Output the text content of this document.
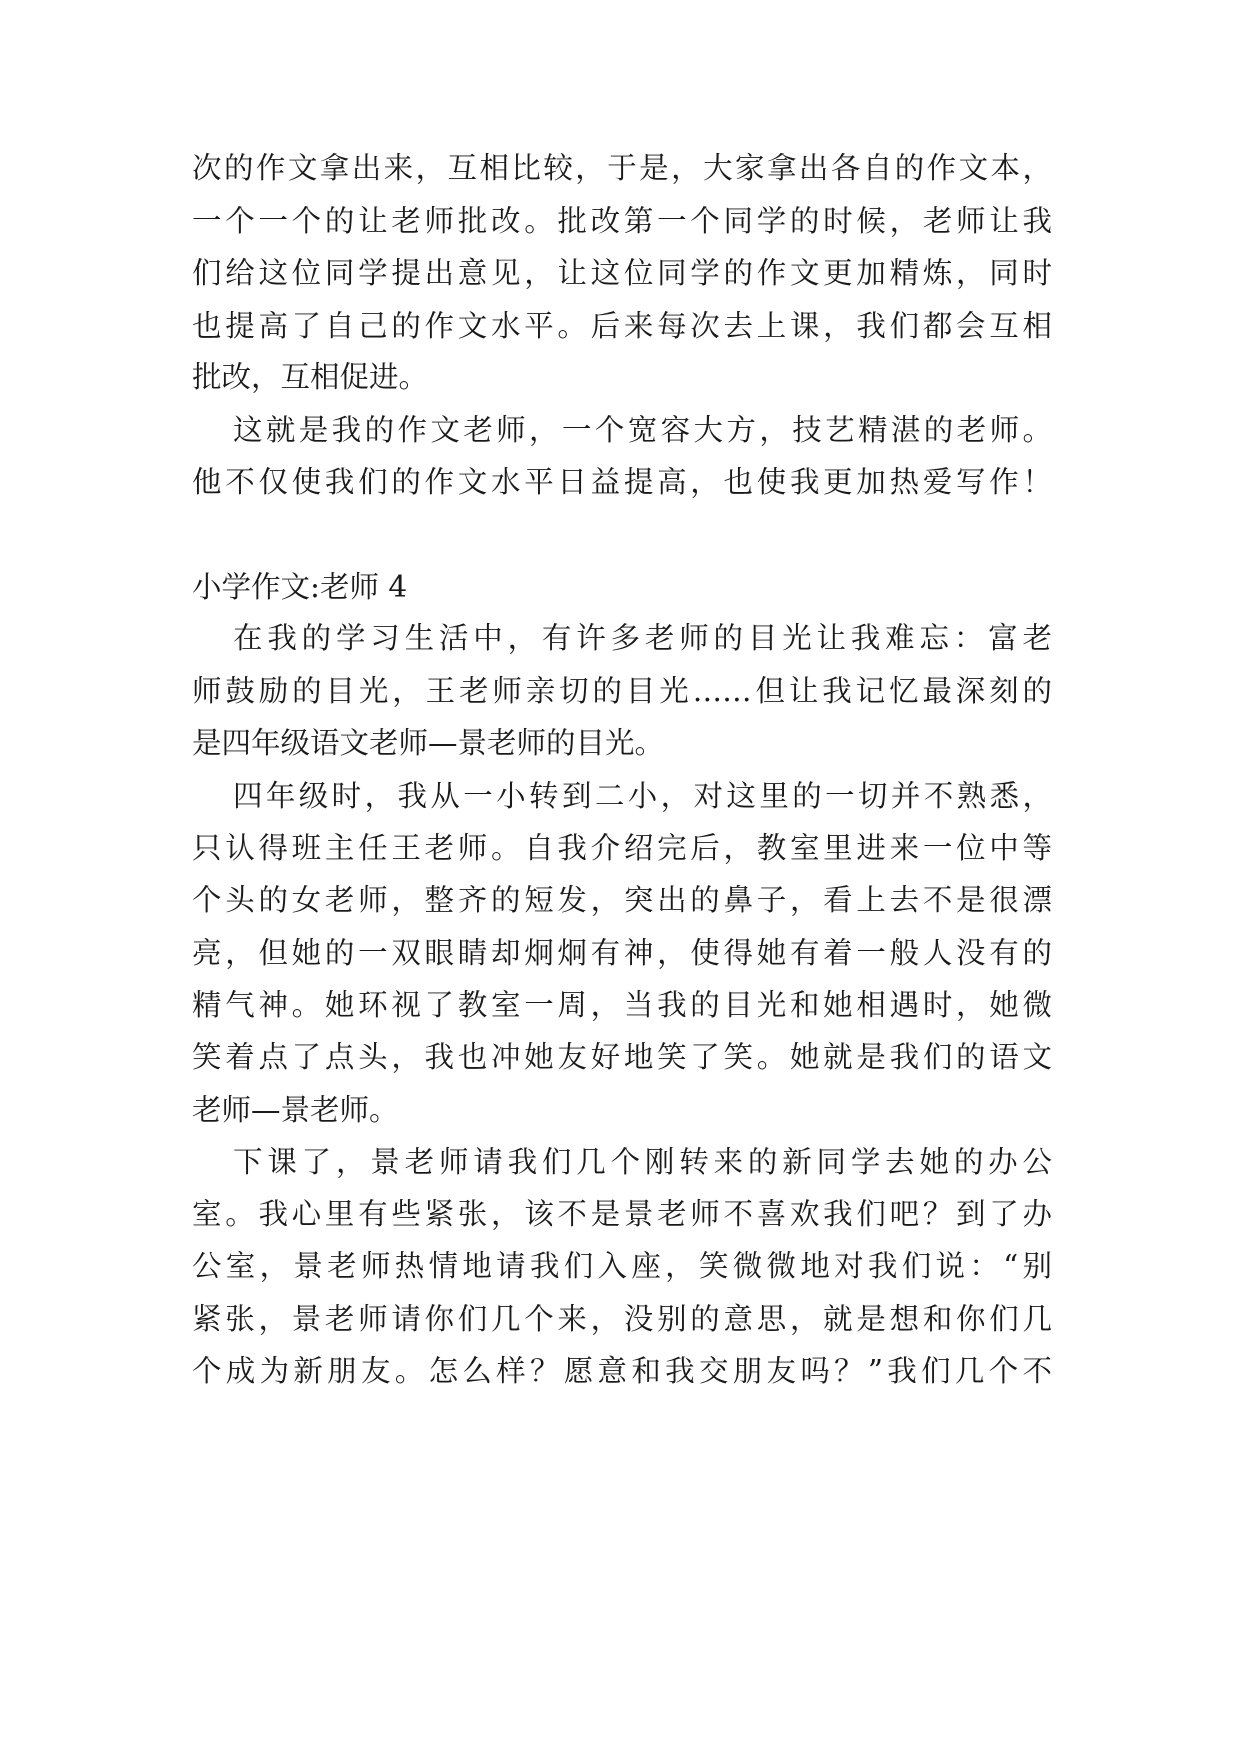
次的作文拿出来，互相比较，于是，大家拿出各自的作文本，
一个一个的让老师批改。批改第一个同学的时候，老师让我
们给这位同学提出意见，让这位同学的作文更加精炼，同时
也提高了自己的作文水平。后来每次去上课，我们都会互相
批改，互相促进。
这就是我的作文老师，一个宽容大方，技艺精湛的老师。
他不仅使我们的作文水平日益提高，也使我更加热爱写作！
小学作文:老师 4
在我的学习生活中，有许多老师的目光让我难忘：富老
师鼓励的目光，王老师亲切的目光……但让我记忆最深刻的
是四年级语文老师—景老师的目光。
四年级时，我从一小转到二小，对这里的一切并不熟悉，
只认得班主任王老师。自我介绍完后，教室里进来一位中等
个头的女老师，整齐的短发，突出的鼻子，看上去不是很漂
亮，但她的一双眼睛却炯炯有神，使得她有着一般人没有的
精气神。她环视了教室一周，当我的目光和她相遇时，她微
笑着点了点头，我也冲她友好地笑了笑。她就是我们的语文
老师—景老师。
下课了，景老师请我们几个刚转来的新同学去她的办公
室。我心里有些紧张，该不是景老师不喜欢我们吧？到了办
公室，景老师热情地请我们入座，笑微微地对我们说：“别
紧张，景老师请你们几个来，没别的意思，就是想和你们几
个成为新朋友。怎么样？愿意和我交朋友吗？”我们几个不
